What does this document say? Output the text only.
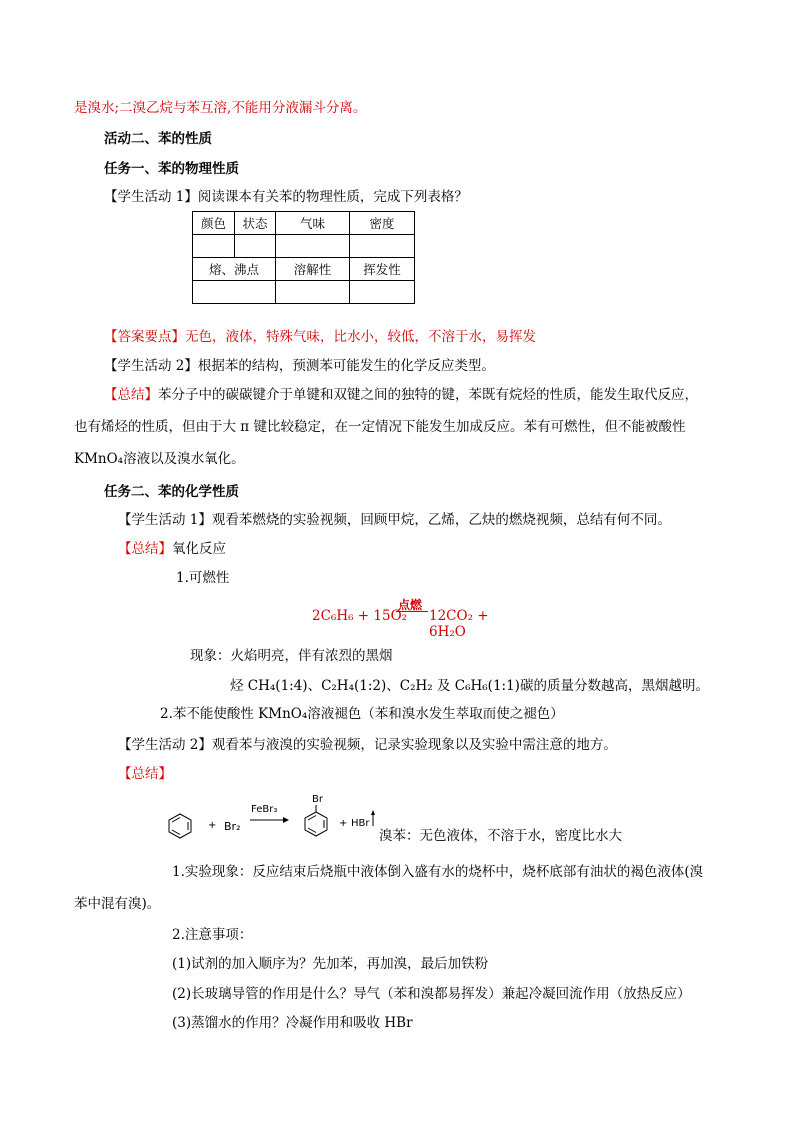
是溴水;二溴乙烷与苯互溶,不能用分液漏斗分离。
活动二、苯的性质
任务一、苯的物理性质
【学生活动 1】阅读课本有关苯的物理性质，完成下列表格？
颜色	状态	气味	密度

熔、沸点		溶解性	挥发性

【答案要点】无色，液体，特殊气味，比水小，较低，不溶于水，易挥发
【学生活动 2】根据苯的结构，预测苯可能发生的化学反应类型。
【总结】苯分子中的碳碳键介于单键和双键之间的独特的键，苯既有烷烃的性质，能发生取代反应，
也有烯烃的性质，但由于大 π 键比较稳定，在一定情况下能发生加成反应。苯有可燃性，但不能被酸性
KMnO₄溶液以及溴水氧化。
任务二、苯的化学性质
【学生活动 1】观看苯燃烧的实验视频，回顾甲烷，乙烯，乙炔的燃烧视频，总结有何不同。
【总结】氧化反应
1.可燃性
2C₆H₆ + 15O₂
点燃
12CO₂ + 6H₂O
现象：火焰明亮，伴有浓烈的黑烟
烃 CH₄(1:4)、C₂H₄(1:2)、C₂H₂ 及 C₆H₆(1:1)碳的质量分数越高，黑烟越明。
2.苯不能使酸性 KMnO₄溶液褪色（苯和溴水发生萃取而使之褪色）
【学生活动 2】观看苯与液溴的实验视频，记录实验现象以及实验中需注意的地方。
【总结】
+ Br₂
FeBr₃
Br
+ HBr
溴苯：无色液体，不溶于水，密度比水大
1.实验现象：反应结束后烧瓶中液体倒入盛有水的烧杯中，烧杯底部有油状的褐色液体(溴
苯中混有溴)。
2.注意事项：
(1)试剂的加入顺序为？先加苯，再加溴，最后加铁粉
(2)长玻璃导管的作用是什么？导气（苯和溴都易挥发）兼起冷凝回流作用（放热反应）
(3)蒸馏水的作用？冷凝作用和吸收 HBr
